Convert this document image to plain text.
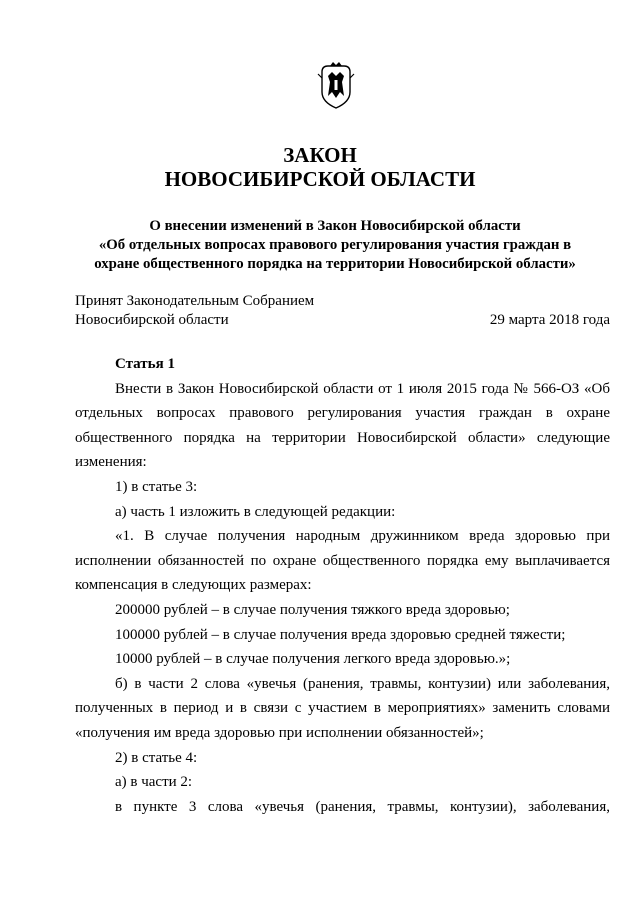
ЗАКОН
НОВОСИБИРСКОЙ ОБЛАСТИ
О внесении изменений в Закон Новосибирской области
«Об отдельных вопросах правового регулирования участия граждан в
охране общественного порядка на территории Новосибирской области»
Принят Законодательным Собранием
Новосибирской области	29 марта 2018 года
Статья 1
Внести в Закон Новосибирской области от 1 июля 2015 года № 566-ОЗ «Об
отдельных вопросах правового регулирования участия граждан в охране
общественного порядка на территории Новосибирской области» следующие
изменения:
1) в статье 3:
а) часть 1 изложить в следующей редакции:
«1. В случае получения народным дружинником вреда здоровью при
исполнении обязанностей по охране общественного порядка ему выплачивается
компенсация в следующих размерах:
200000 рублей – в случае получения тяжкого вреда здоровью;
100000 рублей – в случае получения вреда здоровью средней тяжести;
10000 рублей – в случае получения легкого вреда здоровью.»;
б) в части 2 слова «увечья (ранения, травмы, контузии) или заболевания,
полученных в период и в связи с участием в мероприятиях» заменить словами
«получения им вреда здоровью при исполнении обязанностей»;
2) в статье 4:
а) в части 2:
в пункте 3 слова «увечья (ранения, травмы, контузии), заболевания,
